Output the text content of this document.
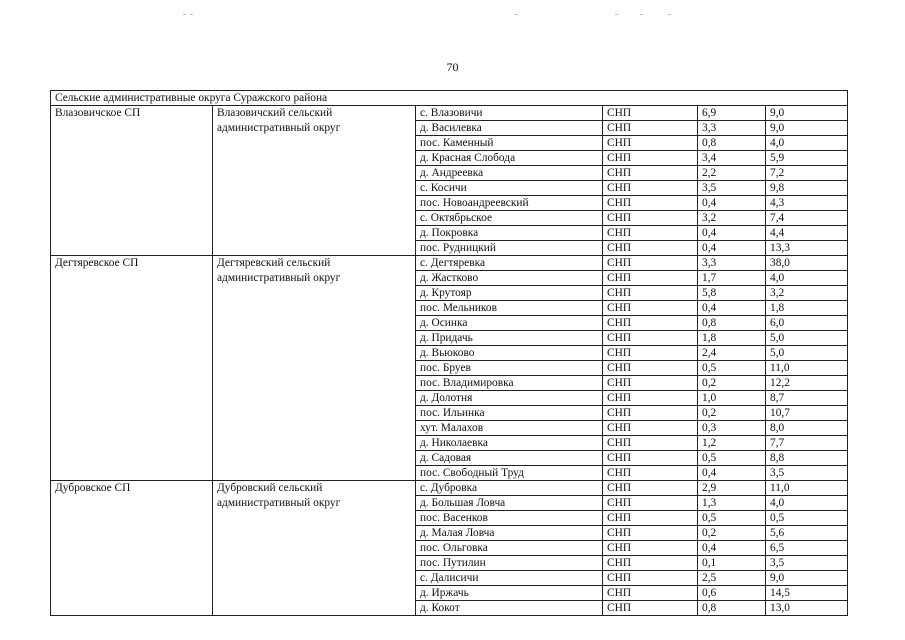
70
Сельские административные округа Суражского района					
Влазовичское СП	Влазовичский сельский административный округ	с. Влазовичи	СНП	6,9	9,0
		д. Василевка	СНП	3,3	9,0
		пос. Каменный	СНП	0,8	4,0
		д. Красная Слобода	СНП	3,4	5,9
		д. Андреевка	СНП	2,2	7,2
		с. Косичи	СНП	3,5	9,8
		пос. Новоандреевский	СНП	0,4	4,3
		с. Октябрьское	СНП	3,2	7,4
		д. Покровка	СНП	0,4	4,4
		пос. Рудницкий	СНП	0,4	13,3
Дегтяревское СП	Дегтяревский сельский административный округ	с. Дегтяревка	СНП	3,3	38,0
		д. Жастково	СНП	1,7	4,0
		д. Крутояр	СНП	5,8	3,2
		пос. Мельников	СНП	0,4	1,8
		д. Осинка	СНП	0,8	6,0
		д. Придачь	СНП	1,8	5,0
		д. Вьюково	СНП	2,4	5,0
		пос. Бруев	СНП	0,5	11,0
		пос. Владимировка	СНП	0,2	12,2
		д. Долотня	СНП	1,0	8,7
		пос. Ильинка	СНП	0,2	10,7
		хут. Малахов	СНП	0,3	8,0
		д. Николаевка	СНП	1,2	7,7
		д. Садовая	СНП	0,5	8,8
		пос. Свободный Труд	СНП	0,4	3,5
Дубровское СП	Дубровский сельский административный округ	с. Дубровка	СНП	2,9	11,0
		д. Большая Ловча	СНП	1,3	4,0
		пос. Васенков	СНП	0,5	0,5
		д. Малая Ловча	СНП	0,2	5,6
		пос. Ольговка	СНП	0,4	6,5
		пос. Путилин	СНП	0,1	3,5
		с. Далисичи	СНП	2,5	9,0
		д. Иржачь	СНП	0,6	14,5
		д. Кокот	СНП	0,8	13,0
